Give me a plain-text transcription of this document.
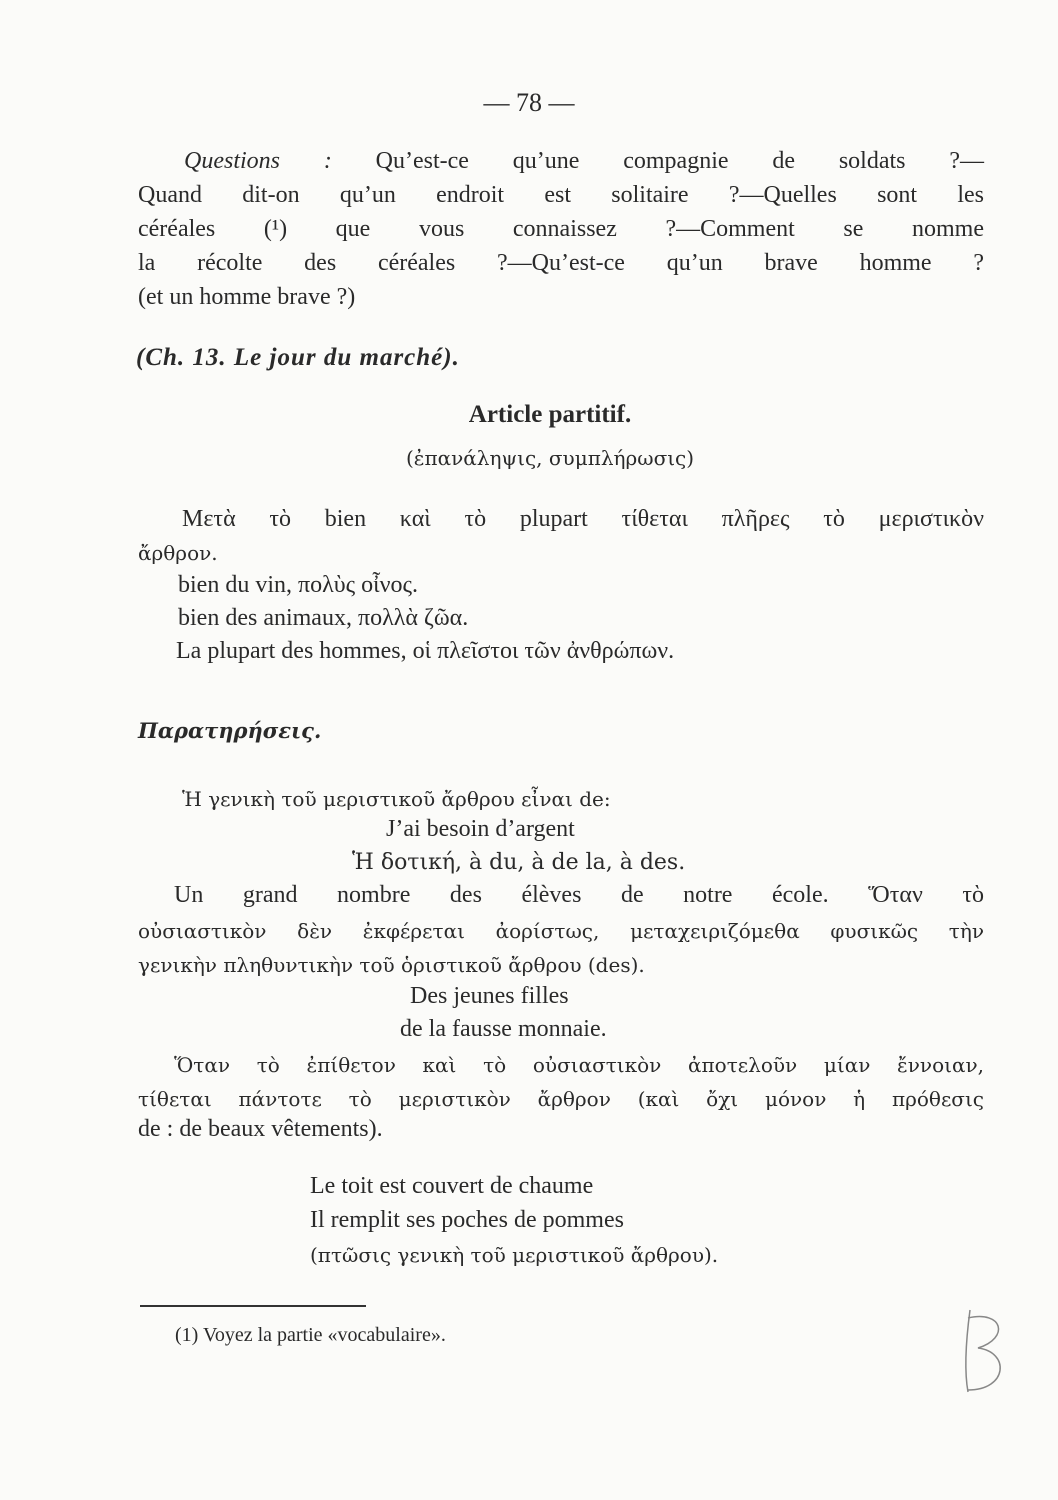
— 78 —
Questions : Qu’est-ce qu’une compagnie de soldats ?—
Quand dit-on qu’un endroit est solitaire ?—Quelles sont les
céréales (¹) que vous connaissez ?—Comment se nomme
la récolte des céréales ?—Qu’est-ce qu’un brave homme ?
(et un homme brave ?)
(Ch. 13. Le jour du marché).
Article partitif.
(ἐπανάληψις, συμπλήρωσις)
Μετὰ τὸ bien καὶ τὸ plupart τίθεται πλῆρες τὸ μεριστικὸν
ἄρθρον.
bien du vin, πολὺς οἶνος.
bien des animaux, πολλὰ ζῶα.
La plupart des hommes, οἱ πλεῖστοι τῶν ἀνθρώπων.
Παρατηρήσεις.
Ἡ γενικὴ τοῦ μεριστικοῦ ἄρθρου εἶναι de:
J’ai besoin d’argent
Ἡ δοτική, à du, à de la, à des.
Un grand nombre des élèves de notre école. Ὅταν τὸ
οὐσιαστικὸν δὲν ἐκφέρεται ἀορίστως, μεταχειριζόμεθα φυσικῶς τὴν
γενικὴν πληθυντικὴν τοῦ ὁριστικοῦ ἄρθρου (des).
Des jeunes filles
de la fausse monnaie.
Ὅταν τὸ ἐπίθετον καὶ τὸ οὐσιαστικὸν ἀποτελοῦν μίαν ἔννοιαν,
τίθεται πάντοτε τὸ μεριστικὸν ἄρθρον (καὶ ὄχι μόνον ἡ πρόθεσις
de : de beaux vêtements).
Le toit est couvert de chaume
Il remplit ses poches de pommes
(πτῶσις γενικὴ τοῦ μεριστικοῦ ἄρθρου).
(1) Voyez la partie «vocabulaire».
